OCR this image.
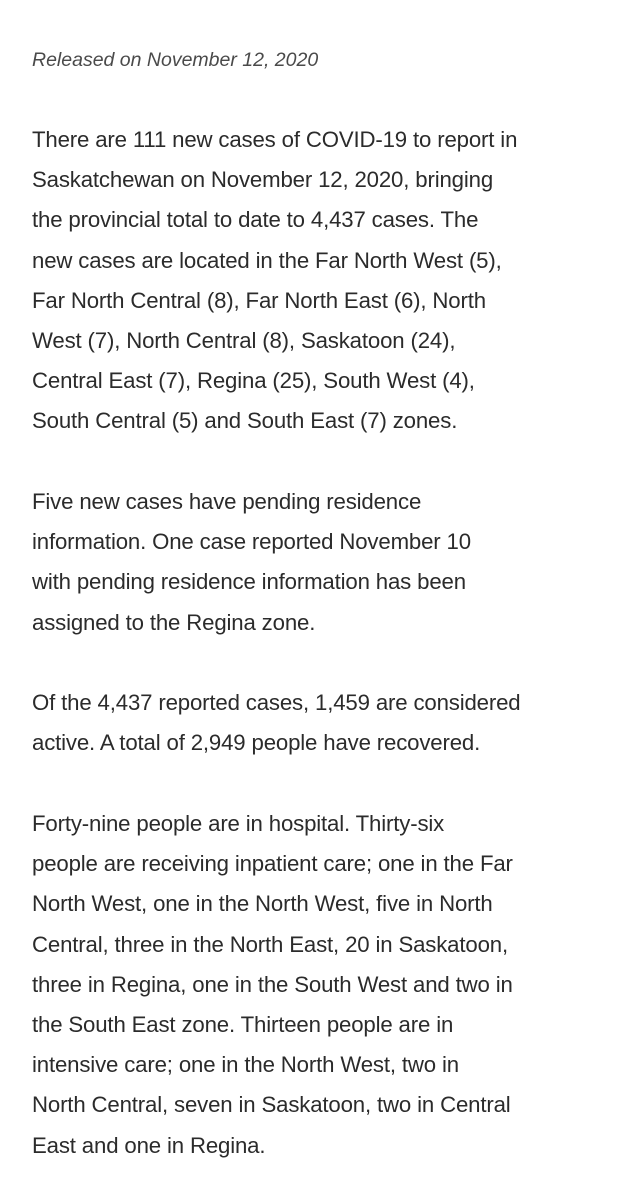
Released on November 12, 2020

There are 111 new cases of COVID-19 to report in
Saskatchewan on November 12, 2020, bringing
the provincial total to date to 4,437 cases. The
new cases are located in the Far North West (5),
Far North Central (8), Far North East (6), North
West (7), North Central (8), Saskatoon (24),
Central East (7), Regina (25), South West (4),
South Central (5) and South East (7) zones.

Five new cases have pending residence
information. One case reported November 10
with pending residence information has been
assigned to the Regina zone.

Of the 4,437 reported cases, 1,459 are considered
active. A total of 2,949 people have recovered.

Forty-nine people are in hospital. Thirty-six
people are receiving inpatient care; one in the Far
North West, one in the North West, five in North
Central, three in the North East, 20 in Saskatoon,
three in Regina, one in the South West and two in
the South East zone. Thirteen people are in
intensive care; one in the North West, two in
North Central, seven in Saskatoon, two in Central
East and one in Regina.
